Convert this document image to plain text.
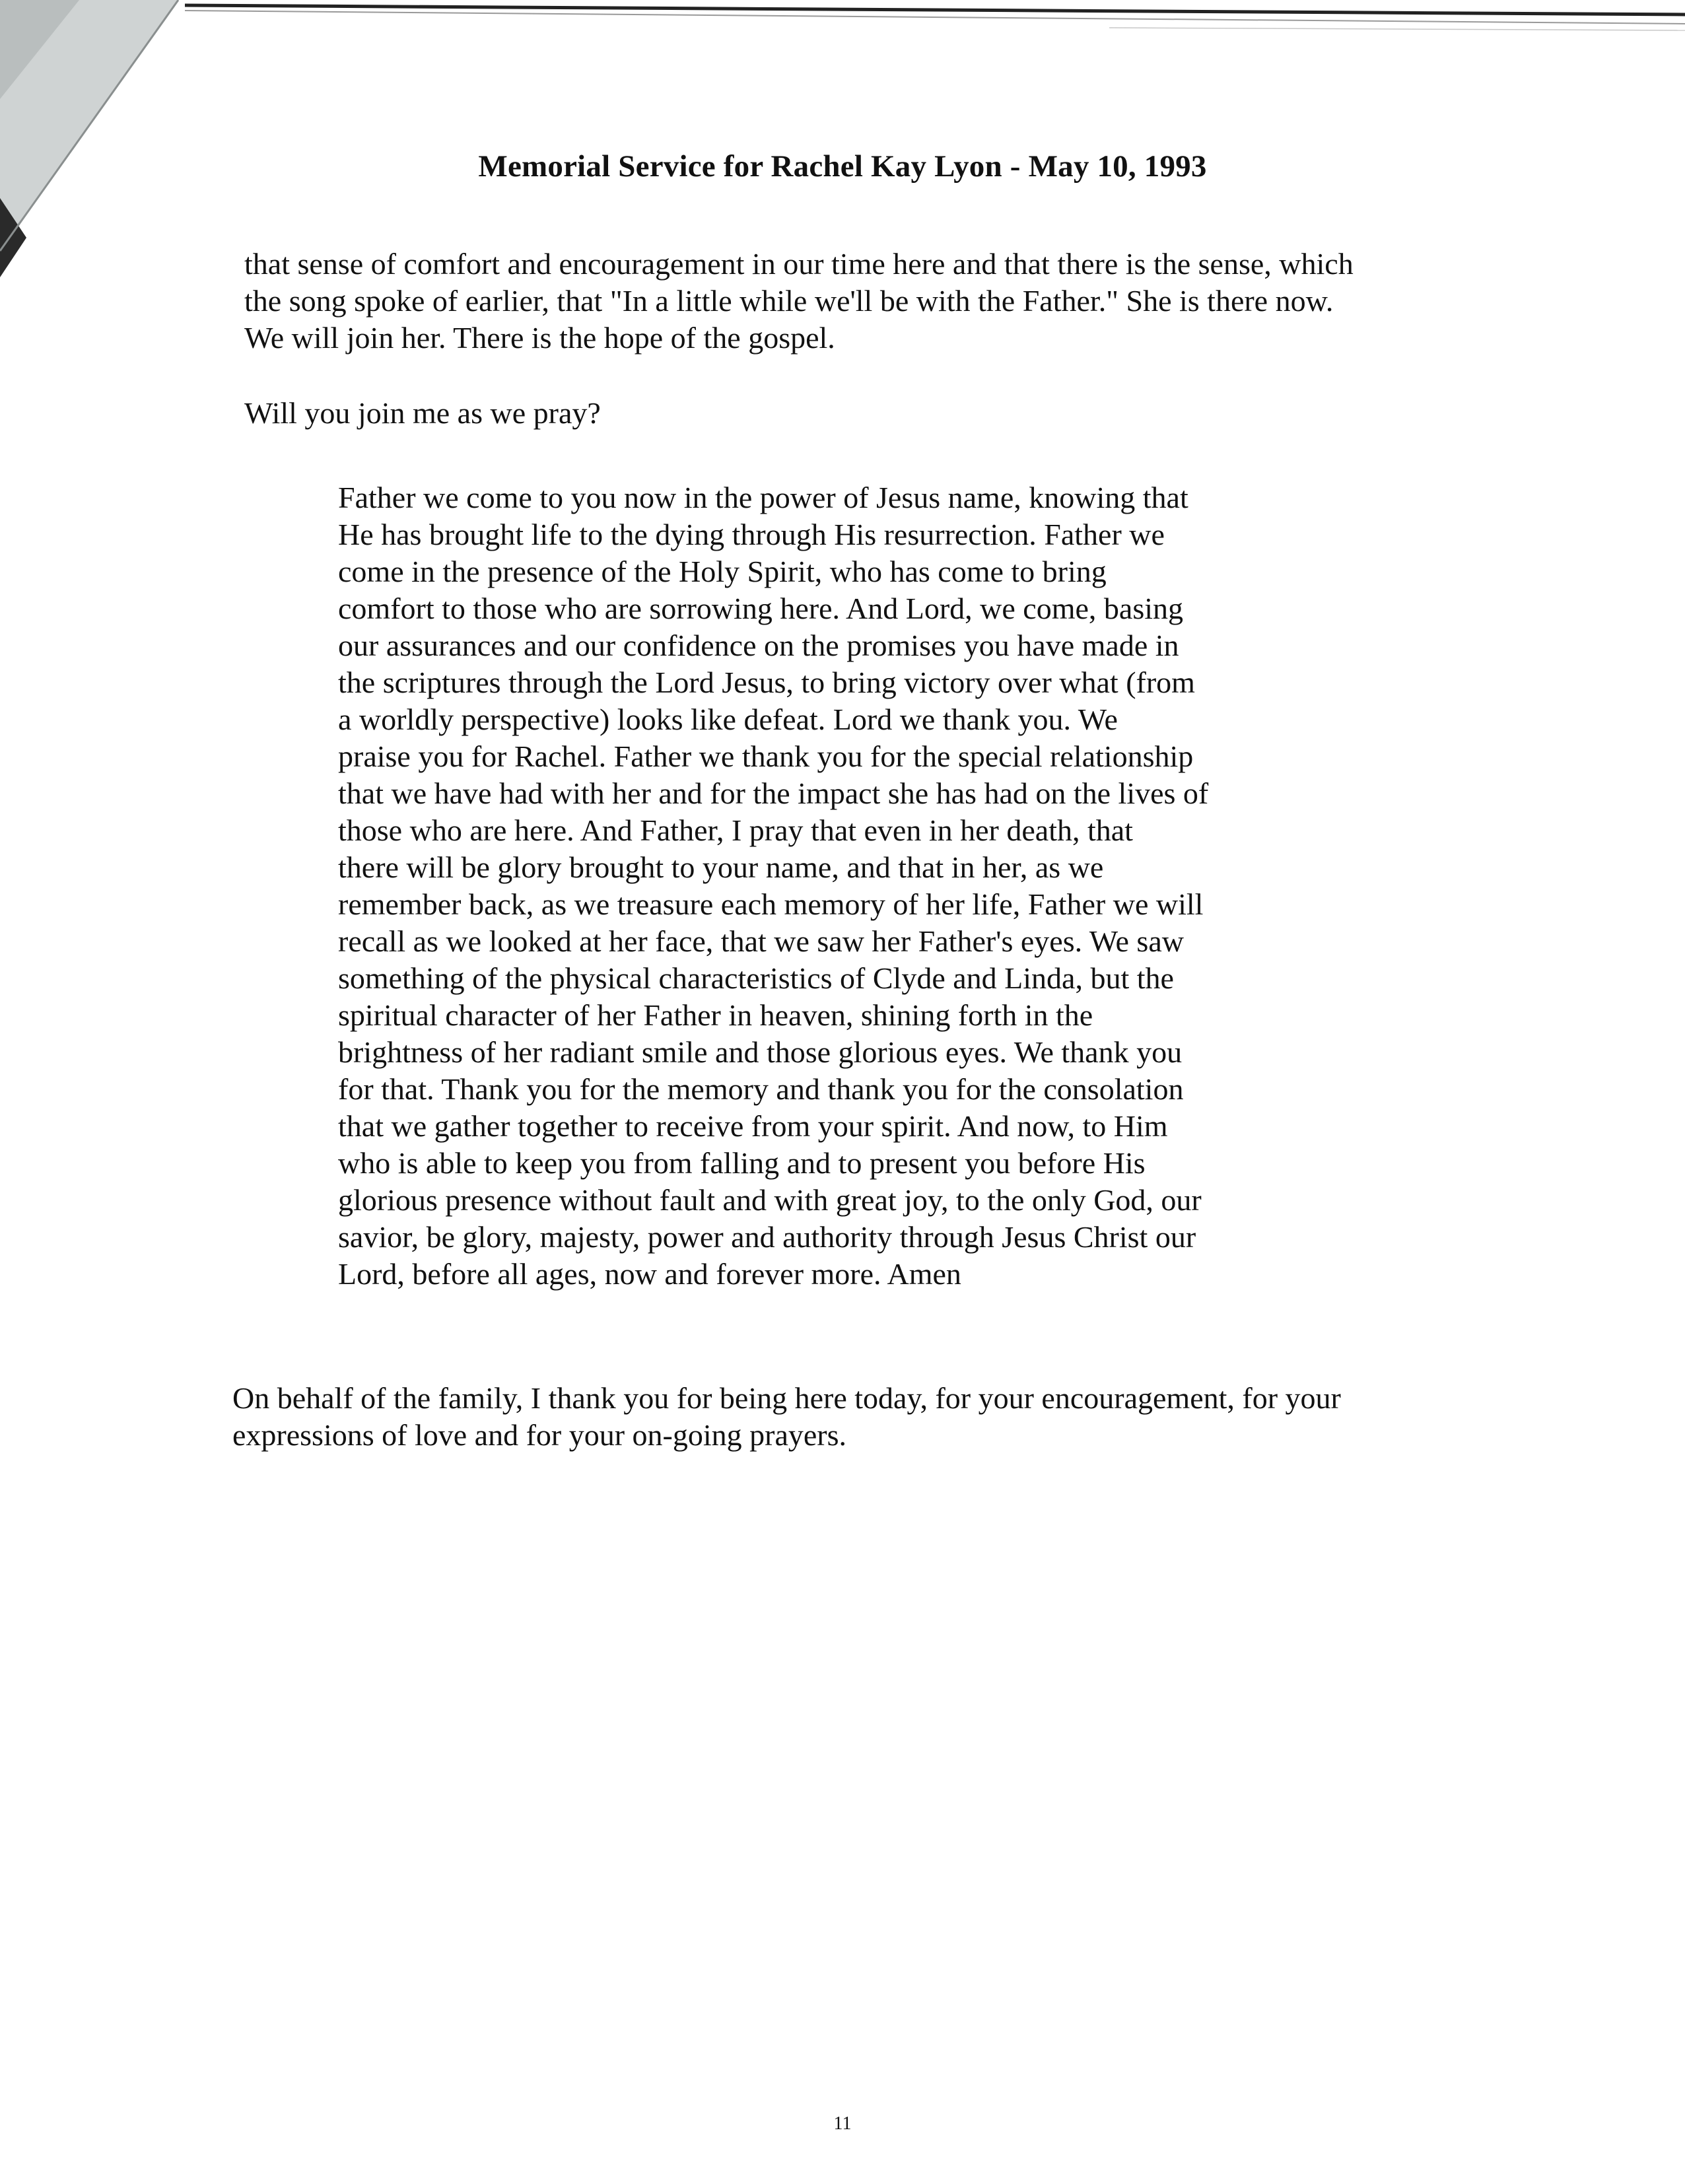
Memorial Service for Rachel Kay Lyon - May 10, 1993

that sense of comfort and encouragement in our time here and that there is the sense, which
the song spoke of earlier, that "In a little while we'll be with the Father." She is there now.
We will join her. There is the hope of the gospel.

Will you join me as we pray?

Father we come to you now in the power of Jesus name, knowing that
He has brought life to the dying through His resurrection. Father we
come in the presence of the Holy Spirit, who has come to bring
comfort to those who are sorrowing here. And Lord, we come, basing
our assurances and our confidence on the promises you have made in
the scriptures through the Lord Jesus, to bring victory over what (from
a worldly perspective) looks like defeat. Lord we thank you. We
praise you for Rachel. Father we thank you for the special relationship
that we have had with her and for the impact she has had on the lives of
those who are here. And Father, I pray that even in her death, that
there will be glory brought to your name, and that in her, as we
remember back, as we treasure each memory of her life, Father we will
recall as we looked at her face, that we saw her Father's eyes. We saw
something of the physical characteristics of Clyde and Linda, but the
spiritual character of her Father in heaven, shining forth in the
brightness of her radiant smile and those glorious eyes. We thank you
for that. Thank you for the memory and thank you for the consolation
that we gather together to receive from your spirit. And now, to Him
who is able to keep you from falling and to present you before His
glorious presence without fault and with great joy, to the only God, our
savior, be glory, majesty, power and authority through Jesus Christ our
Lord, before all ages, now and forever more. Amen

On behalf of the family, I thank you for being here today, for your encouragement, for your
expressions of love and for your on-going prayers.

11
